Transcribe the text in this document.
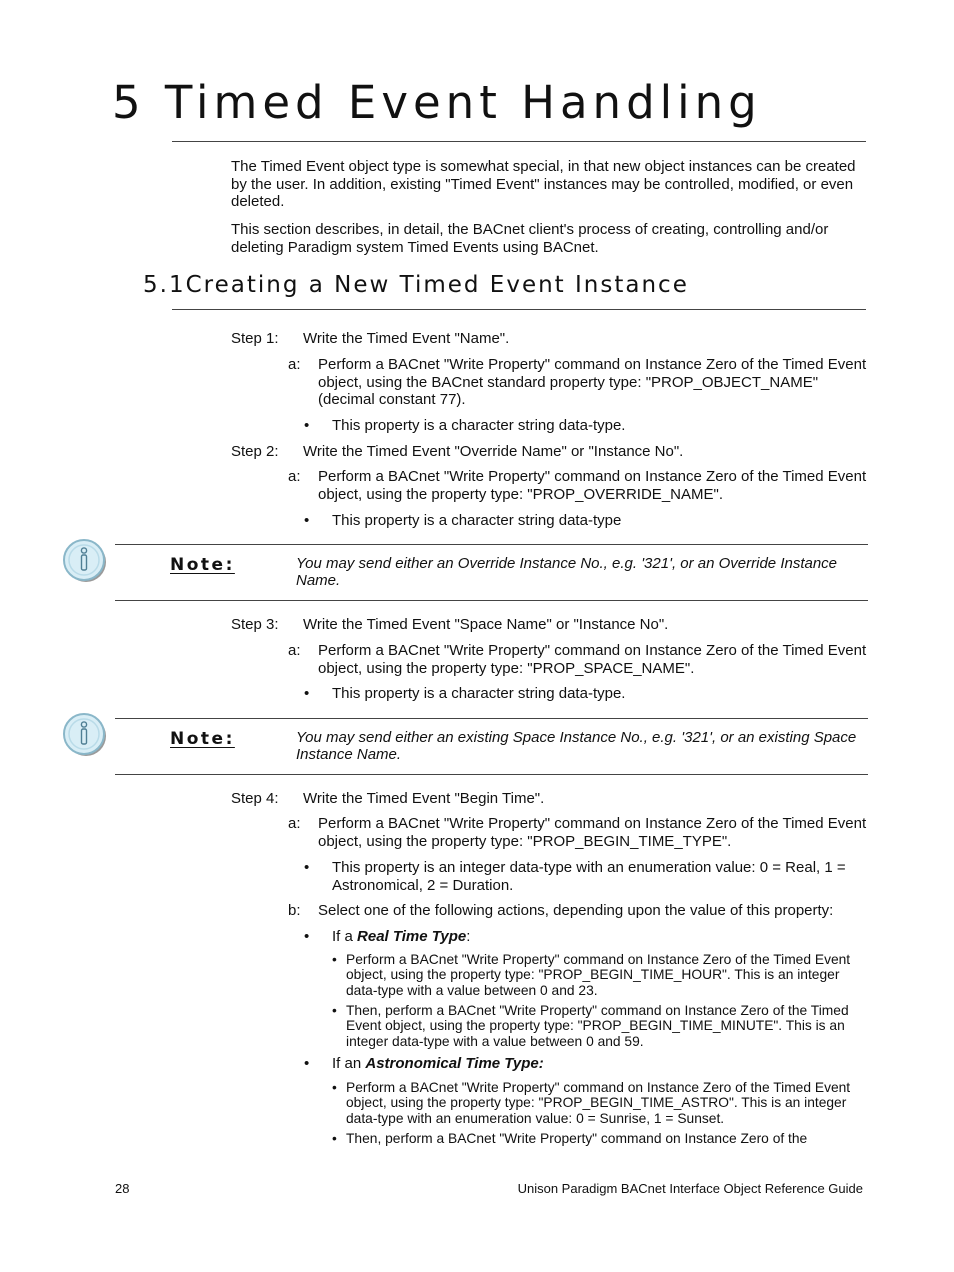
5 Timed Event Handling

The Timed Event object type is somewhat special, in that new object instances can be created by the user. In addition, existing "Timed Event" instances may be controlled, modified, or even deleted.

This section describes, in detail, the BACnet client's process of creating, controlling and/or deleting Paradigm system Timed Events using BACnet.

5.1Creating a New Timed Event Instance
Step 1: Write the Timed Event "Name".
a: Perform a BACnet "Write Property" command on Instance Zero of the Timed Event object, using the BACnet standard property type: "PROP_OBJECT_NAME" (decimal constant 77).
• This property is a character string data-type.
Step 2: Write the Timed Event "Override Name" or "Instance No".
a: Perform a BACnet "Write Property" command on Instance Zero of the Timed Event object, using the property type: "PROP_OVERRIDE_NAME".
• This property is a character string data-type
Note:	You may send either an Override Instance No., e.g. '321', or an Override Instance Name.
Step 3: Write the Timed Event "Space Name" or "Instance No".
a: Perform a BACnet "Write Property" command on Instance Zero of the Timed Event object, using the property type: "PROP_SPACE_NAME".
• This property is a character string data-type.
Note:	You may send either an existing Space Instance No., e.g. '321', or an existing Space Instance Name.
Step 4: Write the Timed Event "Begin Time".
a: Perform a BACnet "Write Property" command on Instance Zero of the Timed Event object, using the property type: "PROP_BEGIN_TIME_TYPE".
• This property is an integer data-type with an enumeration value: 0 = Real, 1 = Astronomical, 2 = Duration.
b: Select one of the following actions, depending upon the value of this property:
• If a Real Time Type:
• Perform a BACnet "Write Property" command on Instance Zero of the Timed Event object, using the property type: "PROP_BEGIN_TIME_HOUR". This is an integer data-type with a value between 0 and 23.
• Then, perform a BACnet "Write Property" command on Instance Zero of the Timed Event object, using the property type: "PROP_BEGIN_TIME_MINUTE". This is an integer data-type with a value between 0 and 59.
• If an Astronomical Time Type:
• Perform a BACnet "Write Property" command on Instance Zero of the Timed Event object, using the property type: "PROP_BEGIN_TIME_ASTRO". This is an integer data-type with an enumeration value: 0 = Sunrise, 1 = Sunset.
• Then, perform a BACnet "Write Property" command on Instance Zero of the
28	Unison Paradigm BACnet Interface Object Reference Guide
